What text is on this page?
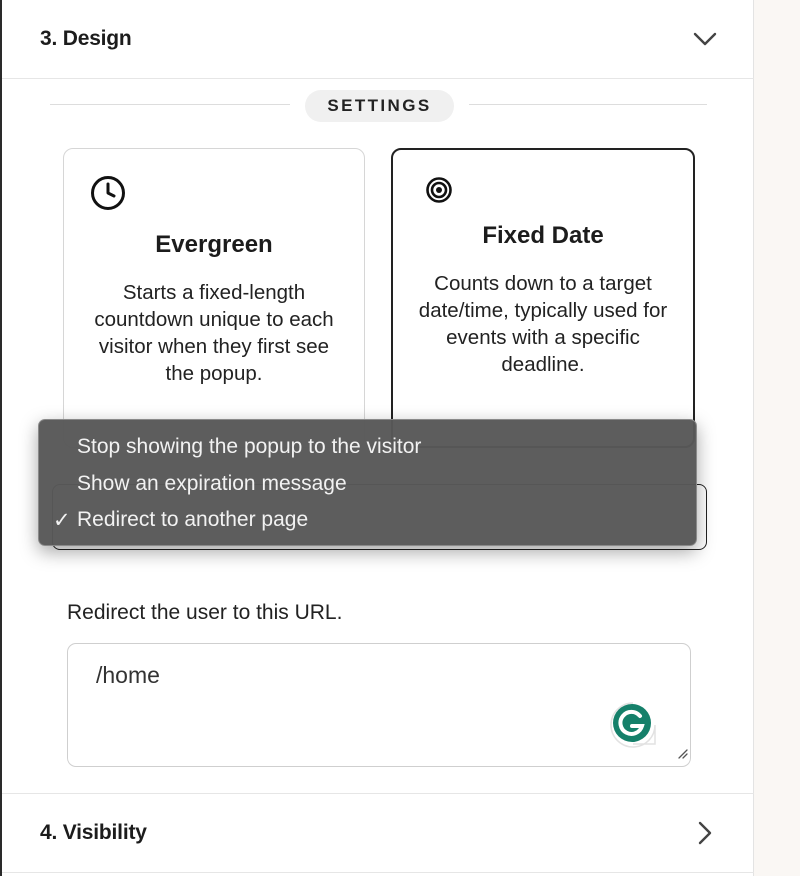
3. Design
SETTINGS
Evergreen
Starts a fixed-length countdown unique to each visitor when they first see the popup.
Fixed Date
Counts down to a target date/time, typically used for events with a specific deadline.
Stop showing the popup to the visitor
Show an expiration message
✓ Redirect to another page
Redirect the user to this URL.
/home
4. Visibility
